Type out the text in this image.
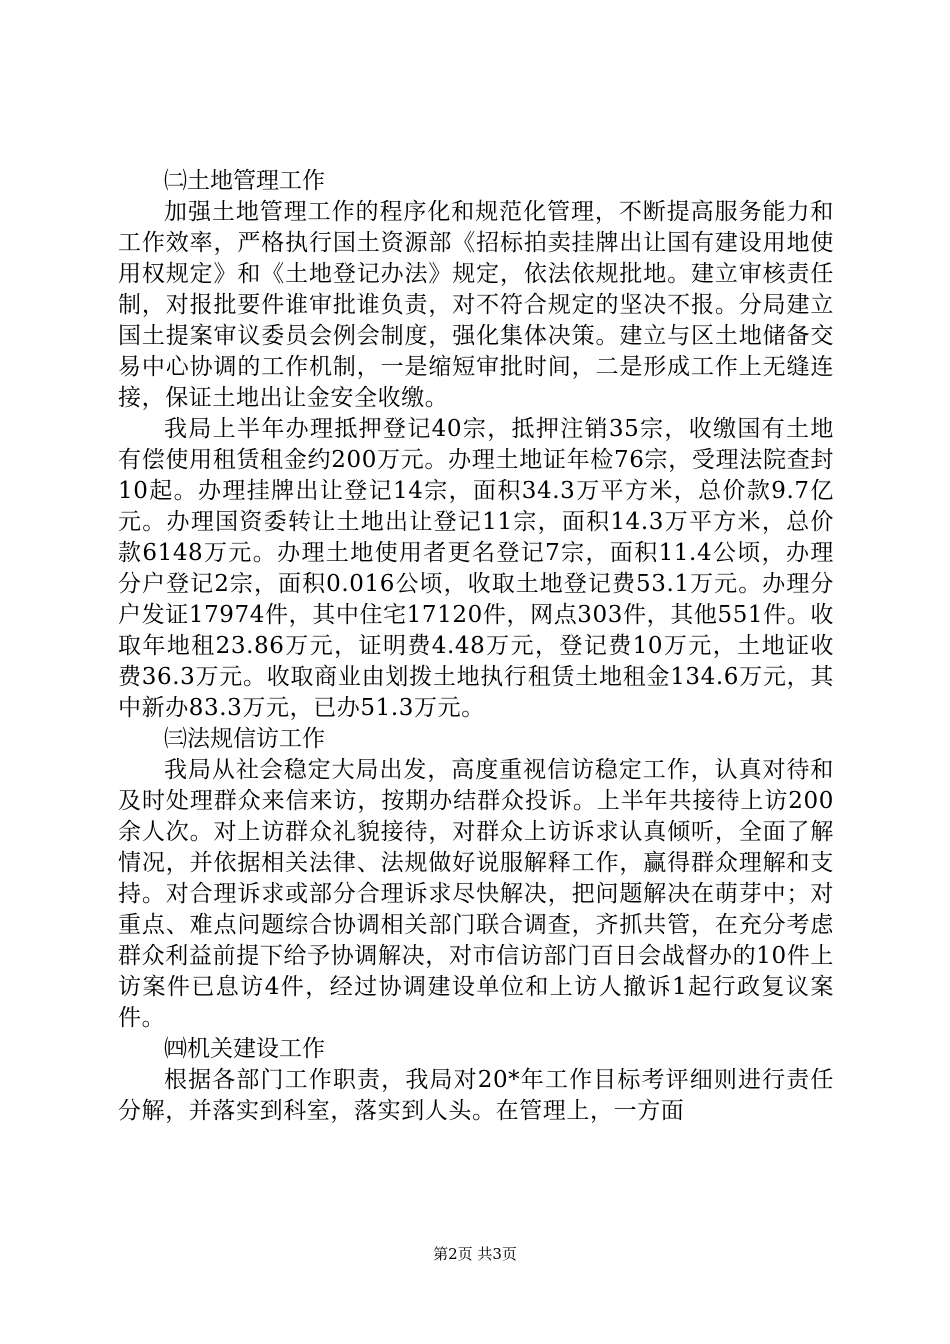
㈡土地管理工作

加强土地管理工作的程序化和规范化管理，不断提高服务能力和工作效率，严格执行国土资源部《招标拍卖挂牌出让国有建设用地使用权规定》和《土地登记办法》规定，依法依规批地。建立审核责任制，对报批要件谁审批谁负责，对不符合规定的坚决不报。分局建立国土提案审议委员会例会制度，强化集体决策。建立与区土地储备交易中心协调的工作机制，一是缩短审批时间，二是形成工作上无缝连接，保证土地出让金安全收缴。

我局上半年办理抵押登记40宗，抵押注销35宗，收缴国有土地有偿使用租赁租金约200万元。办理土地证年检76宗，受理法院查封10起。办理挂牌出让登记14宗，面积34.3万平方米，总价款9.7亿元。办理国资委转让土地出让登记11宗，面积14.3万平方米，总价款6148万元。办理土地使用者更名登记7宗，面积11.4公顷，办理分户登记2宗，面积0.016公顷，收取土地登记费53.1万元。办理分户发证17974件，其中住宅17120件，网点303件，其他551件。收取年地租23.86万元，证明费4.48万元，登记费10万元，土地证收费36.3万元。收取商业由划拨土地执行租赁土地租金134.6万元，其中新办83.3万元，已办51.3万元。

㈢法规信访工作

我局从社会稳定大局出发，高度重视信访稳定工作，认真对待和及时处理群众来信来访，按期办结群众投诉。上半年共接待上访200余人次。对上访群众礼貌接待，对群众上访诉求认真倾听，全面了解情况，并依据相关法律、法规做好说服解释工作，赢得群众理解和支持。对合理诉求或部分合理诉求尽快解决，把问题解决在萌芽中；对重点、难点问题综合协调相关部门联合调查，齐抓共管，在充分考虑群众利益前提下给予协调解决，对市信访部门百日会战督办的10件上访案件已息访4件，经过协调建设单位和上访人撤诉1起行政复议案件。

㈣机关建设工作

根据各部门工作职责，我局对20*年工作目标考评细则进行责任分解，并落实到科室，落实到人头。在管理上，一方面

第2页 共3页
